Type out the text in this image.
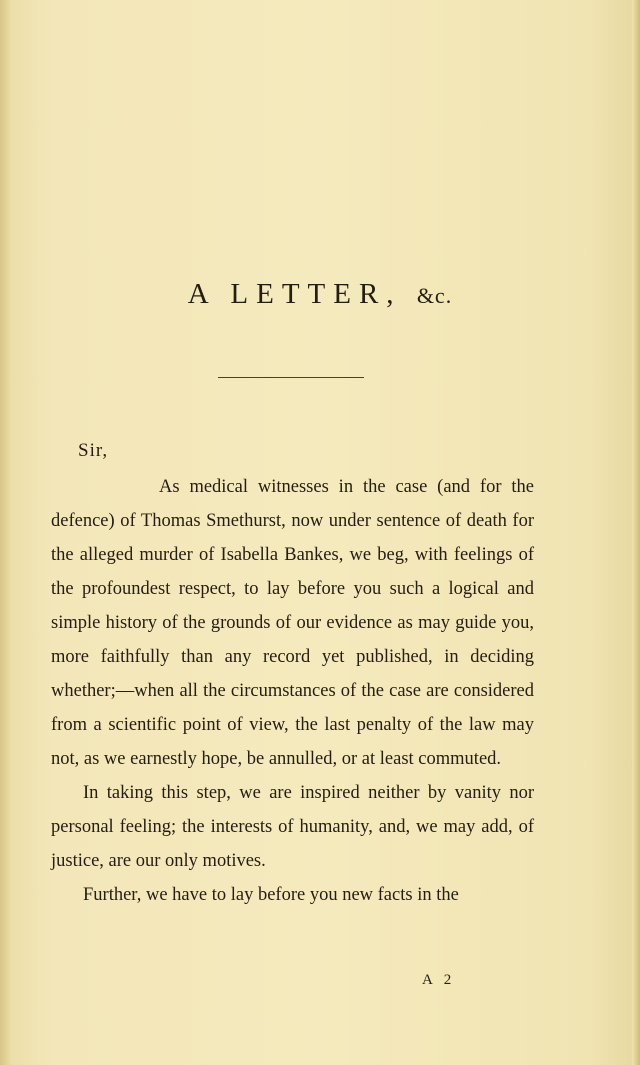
A LETTER, &c.
Sir,

As medical witnesses in the case (and for the defence) of Thomas Smethurst, now under sentence of death for the alleged murder of Isabella Bankes, we beg, with feelings of the profoundest respect, to lay before you such a logical and simple history of the grounds of our evidence as may guide you, more faithfully than any record yet published, in deciding whether;—when all the circumstances of the case are considered from a scientific point of view, the last penalty of the law may not, as we earnestly hope, be annulled, or at least commuted.

In taking this step, we are inspired neither by vanity nor personal feeling; the interests of humanity, and, we may add, of justice, are our only motives.

Further, we have to lay before you new facts in the

A 2
